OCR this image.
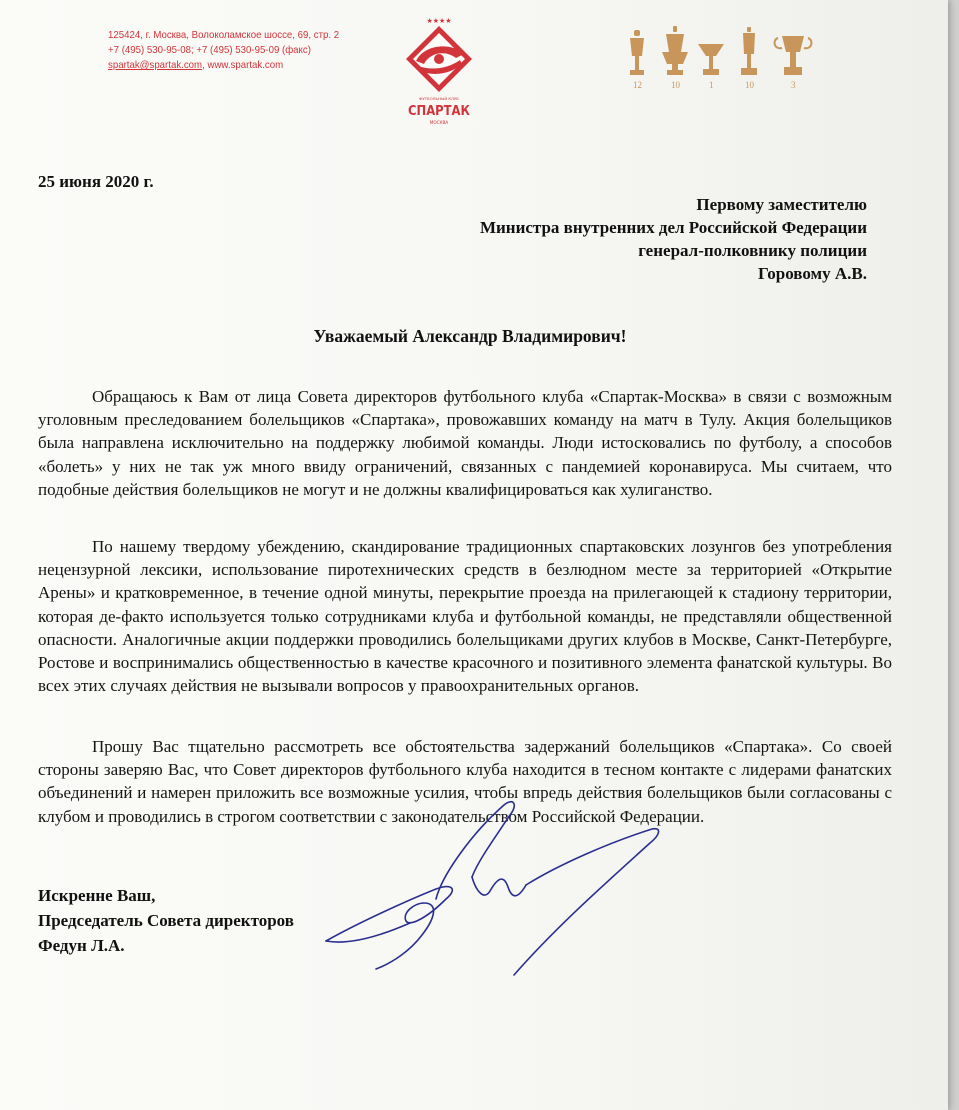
125424, г. Москва, Волоколамское шоссе, 69, стр. 2
+7 (495) 530-95-08; +7 (495) 530-95-09 (факс)
spartak@spartak.com, www.spartak.com
★★★★
ФУТБОЛЬНЫЙ КЛУБ
СПАРТАК
МОСКВА
12	10	1	10	3
25 июня 2020 г.
Первому заместителю
Министра внутренних дел Российской Федерации
генерал-полковнику полиции
Горовому А.В.
Уважаемый Александр Владимирович!

Обращаюсь к Вам от лица Совета директоров футбольного клуба «Спартак-Москва» в связи с возможным уголовным преследованием болельщиков «Спартака», провожавших команду на матч в Тулу. Акция болельщиков была направлена исключительно на поддержку любимой команды. Люди истосковались по футболу, а способов «болеть» у них не так уж много ввиду ограничений, связанных с пандемией коронавируса. Мы считаем, что подобные действия болельщиков не могут и не должны квалифицироваться как хулиганство.

По нашему твердому убеждению, скандирование традиционных спартаковских лозунгов без употребления нецензурной лексики, использование пиротехнических средств в безлюдном месте за территорией «Открытие Арены» и кратковременное, в течение одной минуты, перекрытие проезда на прилегающей к стадиону территории, которая де-факто используется только сотрудниками клуба и футбольной команды, не представляли общественной опасности. Аналогичные акции поддержки проводились болельщиками других клубов в Москве, Санкт-Петербурге, Ростове и воспринимались общественностью в качестве красочного и позитивного элемента фанатской культуры. Во всех этих случаях действия не вызывали вопросов у правоохранительных органов.

Прошу Вас тщательно рассмотреть все обстоятельства задержаний болельщиков «Спартака». Со своей стороны заверяю Вас, что Совет директоров футбольного клуба находится в тесном контакте с лидерами фанатских объединений и намерен приложить все возможные усилия, чтобы впредь действия болельщиков были согласованы с клубом и проводились в строгом соответствии с законодательством Российской Федерации.

Искренне Ваш,
Председатель Совета директоров
Федун Л.А.
